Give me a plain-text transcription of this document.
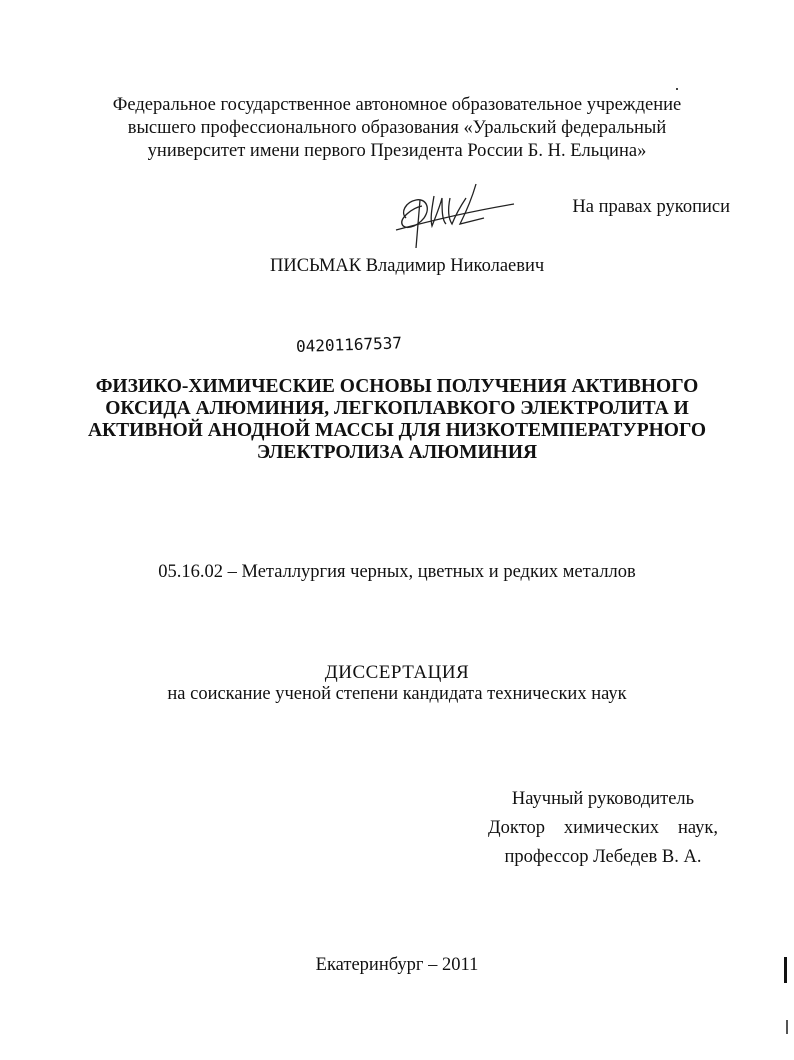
Федеральное государственное автономное образовательное учреждение
высшего профессионального образования «Уральский федеральный
университет имени первого Президента России Б. Н. Ельцина»
На правах рукописи
ПИСЬМАК Владимир Николаевич
04201167537
ФИЗИКО-ХИМИЧЕСКИЕ ОСНОВЫ ПОЛУЧЕНИЯ АКТИВНОГО
ОКСИДА АЛЮМИНИЯ, ЛЕГКОПЛАВКОГО ЭЛЕКТРОЛИТА И
АКТИВНОЙ АНОДНОЙ МАССЫ ДЛЯ НИЗКОТЕМПЕРАТУРНОГО
ЭЛЕКТРОЛИЗА АЛЮМИНИЯ
05.16.02 – Металлургия черных, цветных и редких металлов
ДИССЕРТАЦИЯ
на соискание ученой степени кандидата технических наук
Научный руководитель
Доктор химических наук,
профессор Лебедев В. А.
Екатеринбург – 2011
